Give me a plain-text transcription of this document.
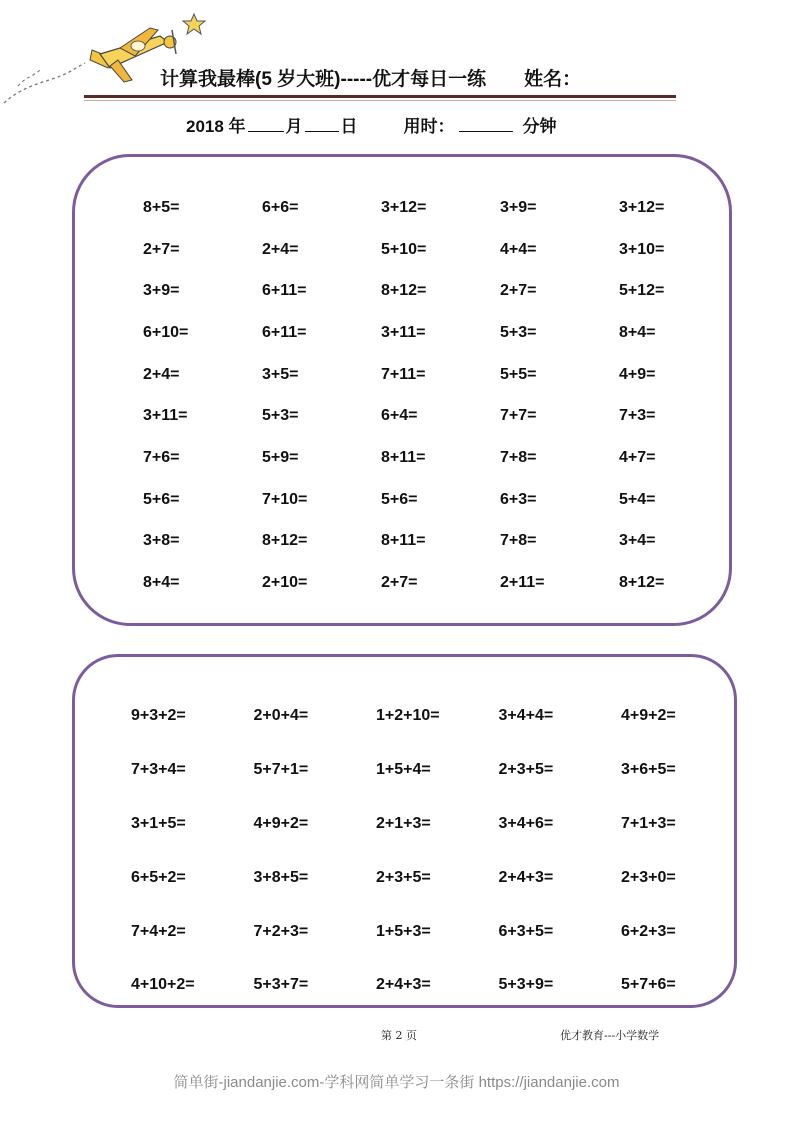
计算我最棒(5 岁大班)-----优才每日一练 姓名：
2018 年 月 日	用时：	分钟
8+5=	6+6=	3+12=	3+9=	3+12=
2+7=	2+4=	5+10=	4+4=	3+10=
3+9=	6+11=	8+12=	2+7=	5+12=
6+10=	6+11=	3+11=	5+3=	8+4=
2+4=	3+5=	7+11=	5+5=	4+9=
3+11=	5+3=	6+4=	7+7=	7+3=
7+6=	5+9=	8+11=	7+8=	4+7=
5+6=	7+10=	5+6=	6+3=	5+4=
3+8=	8+12=	8+11=	7+8=	3+4=
8+4=	2+10=	2+7=	2+11=	8+12=
9+3+2=	2+0+4=	1+2+10=	3+4+4=	4+9+2=
7+3+4=	5+7+1=	1+5+4=	2+3+5=	3+6+5=
3+1+5=	4+9+2=	2+1+3=	3+4+6=	7+1+3=
6+5+2=	3+8+5=	2+3+5=	2+4+3=	2+3+0=
7+4+2=	7+2+3=	1+5+3=	6+3+5=	6+2+3=
4+10+2=	5+3+7=	2+4+3=	5+3+9=	5+7+6=
第 2 页	优才教育---小学数学
简单街-jiandanjie.com-学科网简单学习一条街 https://jiandanjie.com
